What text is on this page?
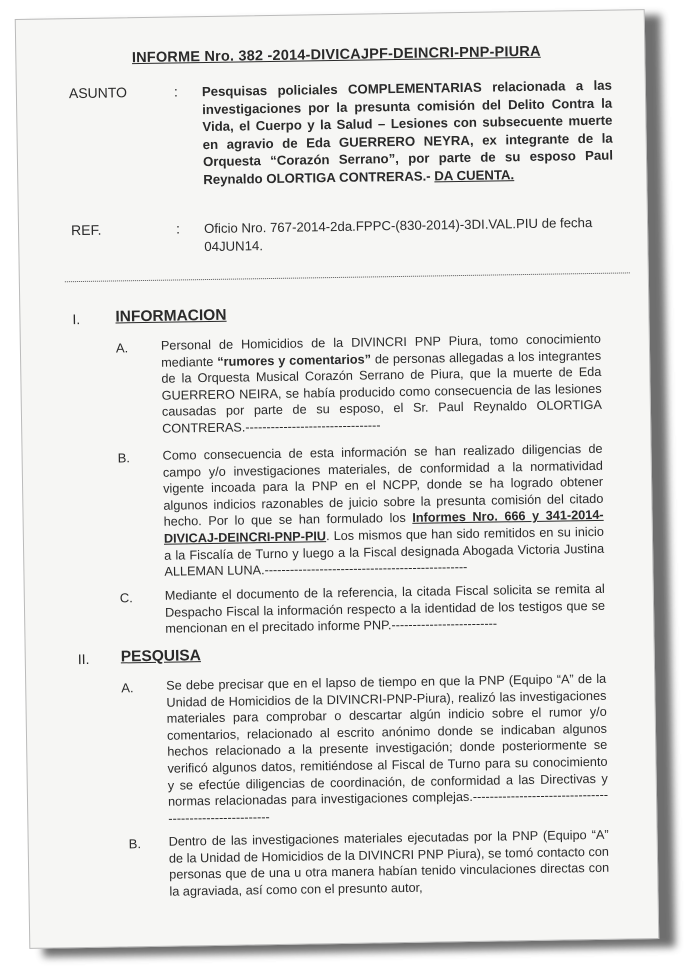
INFORME Nro. 382 -2014-DIVICAJPF-DEINCRI-PNP-PIURA
ASUNTO	: Pesquisas policiales COMPLEMENTARIAS relacionada a las investigaciones por la presunta comisión del Delito Contra la Vida, el Cuerpo y la Salud – Lesiones con subsecuente muerte en agravio de Eda GUERRERO NEYRA, ex integrante de la Orquesta “Corazón Serrano”, por parte de su esposo Paul Reynaldo OLORTIGA CONTRERAS.- DA CUENTA.
REF.	: Oficio Nro. 767-2014-2da.FPPC-(830-2014)-3DI.VAL.PIU de fecha 04JUN14.
I. INFORMACION
A.	Personal de Homicidios de la DIVINCRI PNP Piura, tomo conocimiento mediante “rumores y comentarios” de personas allegadas a los integrantes de la Orquesta Musical Corazón Serrano de Piura, que la muerte de Eda GUERRERO NEIRA, se había producido como consecuencia de las lesiones causadas por parte de su esposo, el Sr. Paul Reynaldo OLORTIGA CONTRERAS.--------------------------------
B.	Como consecuencia de esta información se han realizado diligencias de campo y/o investigaciones materiales, de conformidad a la normatividad vigente incoada para la PNP en el NCPP, donde se ha logrado obtener algunos indicios razonables de juicio sobre la presunta comisión del citado hecho. Por lo que se han formulado los Informes Nro. 666 y 341-2014-DIVICAJ-DEINCRI-PNP-PIU. Los mismos que han sido remitidos en su inicio a la Fiscalía de Turno y luego a la Fiscal designada Abogada Victoria Justina ALLEMAN LUNA.------------------------------------------------
C. Mediante el documento de la referencia, la citada Fiscal solicita se remita al Despacho Fiscal la información respecto a la identidad de los testigos que se mencionan en el precitado informe PNP.-------------------------
II. PESQUISA
A.	Se debe precisar que en el lapso de tiempo en que la PNP (Equipo “A” de la Unidad de Homicidios de la DIVINCRI-PNP-Piura), realizó las investigaciones materiales para comprobar o descartar algún indicio sobre el rumor y/o comentarios, relacionado al escrito anónimo donde se indicaban algunos hechos relacionado a la presente investigación; donde posteriormente se verificó algunos datos, remitiéndose al Fiscal de Turno para su conocimiento y se efectúe diligencias de coordinación, de conformidad a las Directivas y normas relacionadas para investigaciones complejas.--------------------------------------------------------
B. Dentro de las investigaciones materiales ejecutadas por la PNP (Equipo “A” de la Unidad de Homicidios de la DIVINCRI PNP Piura), se tomó contacto con personas que de una u otra manera habían tenido vinculaciones directas con la agraviada, así como con el presunto autor,
